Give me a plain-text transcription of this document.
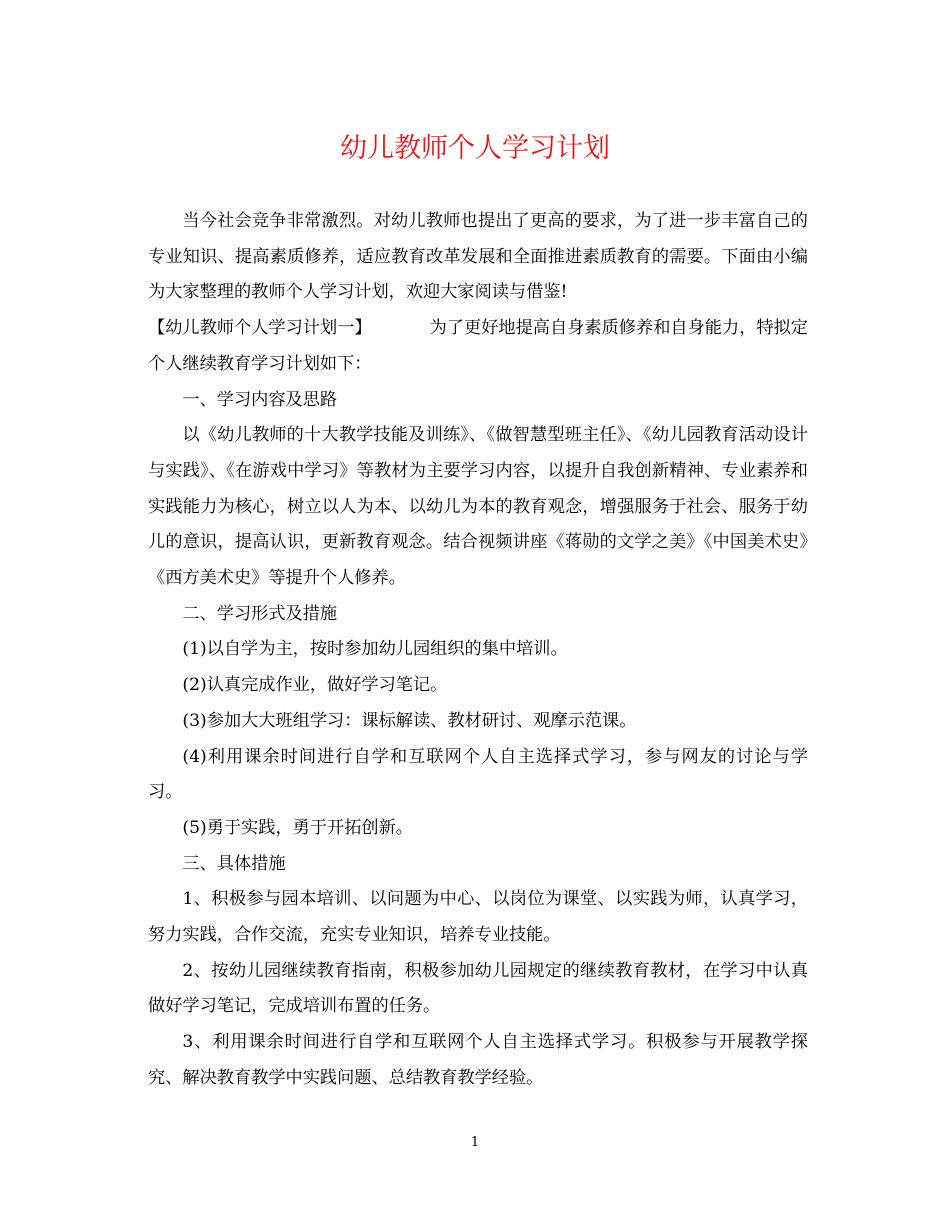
幼儿教师个人学习计划

当今社会竞争非常激烈。对幼儿教师也提出了更高的要求，为了进一步丰富自己的专业知识、提高素质修养，适应教育改革发展和全面推进素质教育的需要。下面由小编为大家整理的教师个人学习计划，欢迎大家阅读与借鉴!

【幼儿教师个人学习计划一】	为了更好地提高自身素质修养和自身能力，特拟定个人继续教育学习计划如下：

一、学习内容及思路

以《幼儿教师的十大教学技能及训练》、《做智慧型班主任》、《幼儿园教育活动设计与实践》、《在游戏中学习》等教材为主要学习内容，以提升自我创新精神、专业素养和实践能力为核心，树立以人为本、以幼儿为本的教育观念，增强服务于社会、服务于幼儿的意识，提高认识，更新教育观念。结合视频讲座《蒋勋的文学之美》《中国美术史》《西方美术史》等提升个人修养。

二、学习形式及措施

(1)以自学为主，按时参加幼儿园组织的集中培训。

(2)认真完成作业，做好学习笔记。

(3)参加大大班组学习：课标解读、教材研讨、观摩示范课。

(4)利用课余时间进行自学和互联网个人自主选择式学习，参与网友的讨论与学习。

(5)勇于实践，勇于开拓创新。

三、具体措施

1、积极参与园本培训、以问题为中心、以岗位为课堂、以实践为师，认真学习，努力实践，合作交流，充实专业知识，培养专业技能。

2、按幼儿园继续教育指南，积极参加幼儿园规定的继续教育教材，在学习中认真做好学习笔记，完成培训布置的任务。

3、利用课余时间进行自学和互联网个人自主选择式学习。积极参与开展教学探究、解决教育教学中实践问题、总结教育教学经验。

1
